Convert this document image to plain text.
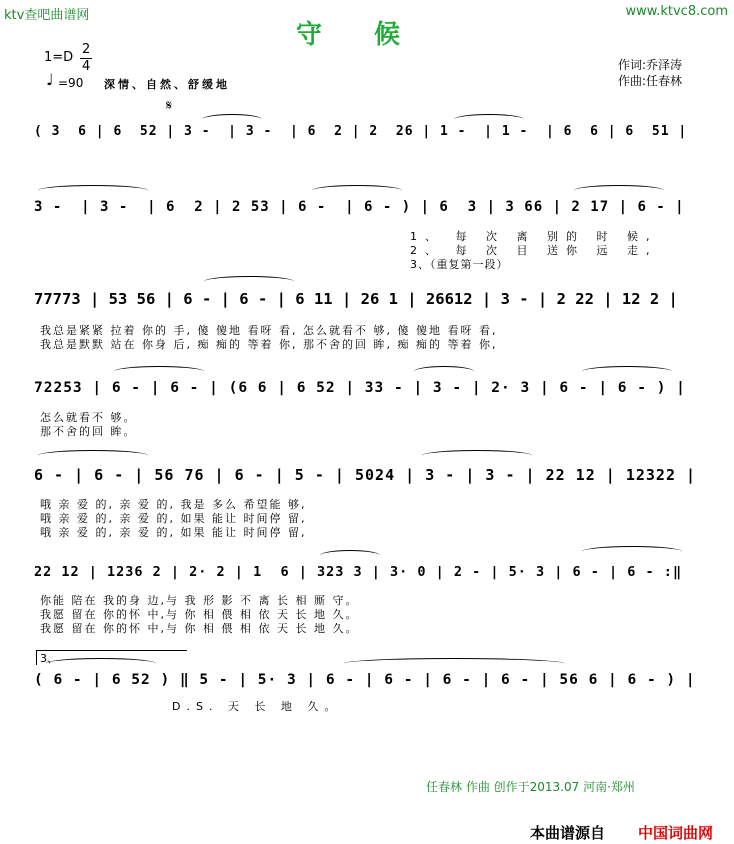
ktv查吧曲谱网	www.ktvc8.com
守候
1=D
2
4
♩ =90 深情、自然、舒缓地
作词:乔泽涛
作曲:任春林
𝄋
( 3  6 | 6  52 | 3 -  | 3 -  | 6  2 | 2  26 | 1 -  | 1 -  | 6  6 | 6  51 |
3 -  | 3 -  | 6  2 | 2 53 | 6 -  | 6 - ) | 6  3 | 3 66 | 2 17 | 6 - |
1、 每 次 离 别的 时 候,
2、 每 次 目 送你 远 走,
3、（重复第一段）
77773 | 53 56 | 6 - | 6 - | 6 11 | 26 1 | 26612 | 3 - | 2 22 | 12 2 |
我总是紧紧 拉着 你的 手, 傻 傻地 看呀 看, 怎么就看不 够, 傻 傻地 看呀 看,
我总是默默 站在 你身 后, 痴 痴的 等着 你, 那不舍的回 眸, 痴 痴的 等着 你,
72253 | 6 - | 6 - | (6 6 | 6 52 | 33 - | 3 - | 2· 3 | 6 - | 6 - ) |
怎么就看不 够。
那不舍的回 眸。
6 - | 6 - | 56 76 | 6 - | 5 - | 5024 | 3 - | 3 - | 22 12 | 12322 |
哦 亲 爱 的, 亲 爱 的, 我是 多么 希望能 够,
哦 亲 爱 的, 亲 爱 的, 如果 能让 时间停 留,
哦 亲 爱 的, 亲 爱 的, 如果 能让 时间停 留,
22 12 | 1236 2 | 2· 2 | 1  6 | 323 3 | 3· 0 | 2 - | 5· 3 | 6 - | 6 - :‖
你能 陪在 我的身 边,与 我 形 影 不 离 长 相 厮 守。
我愿 留在 你的怀 中,与 你 相 偎 相 依 天 长 地 久。
我愿 留在 你的怀 中,与 你 相 偎 相 依 天 长 地 久。
3、
( 6 - | 6 52 ) ‖ 5 - | 5· 3 | 6 - | 6 - | 6 - | 6 - | 56 6 | 6 - ) |
D.S. 天 长 地 久。
任春林 作曲 创作于2013.07 河南·郑州
本曲谱源自 中国词曲网
